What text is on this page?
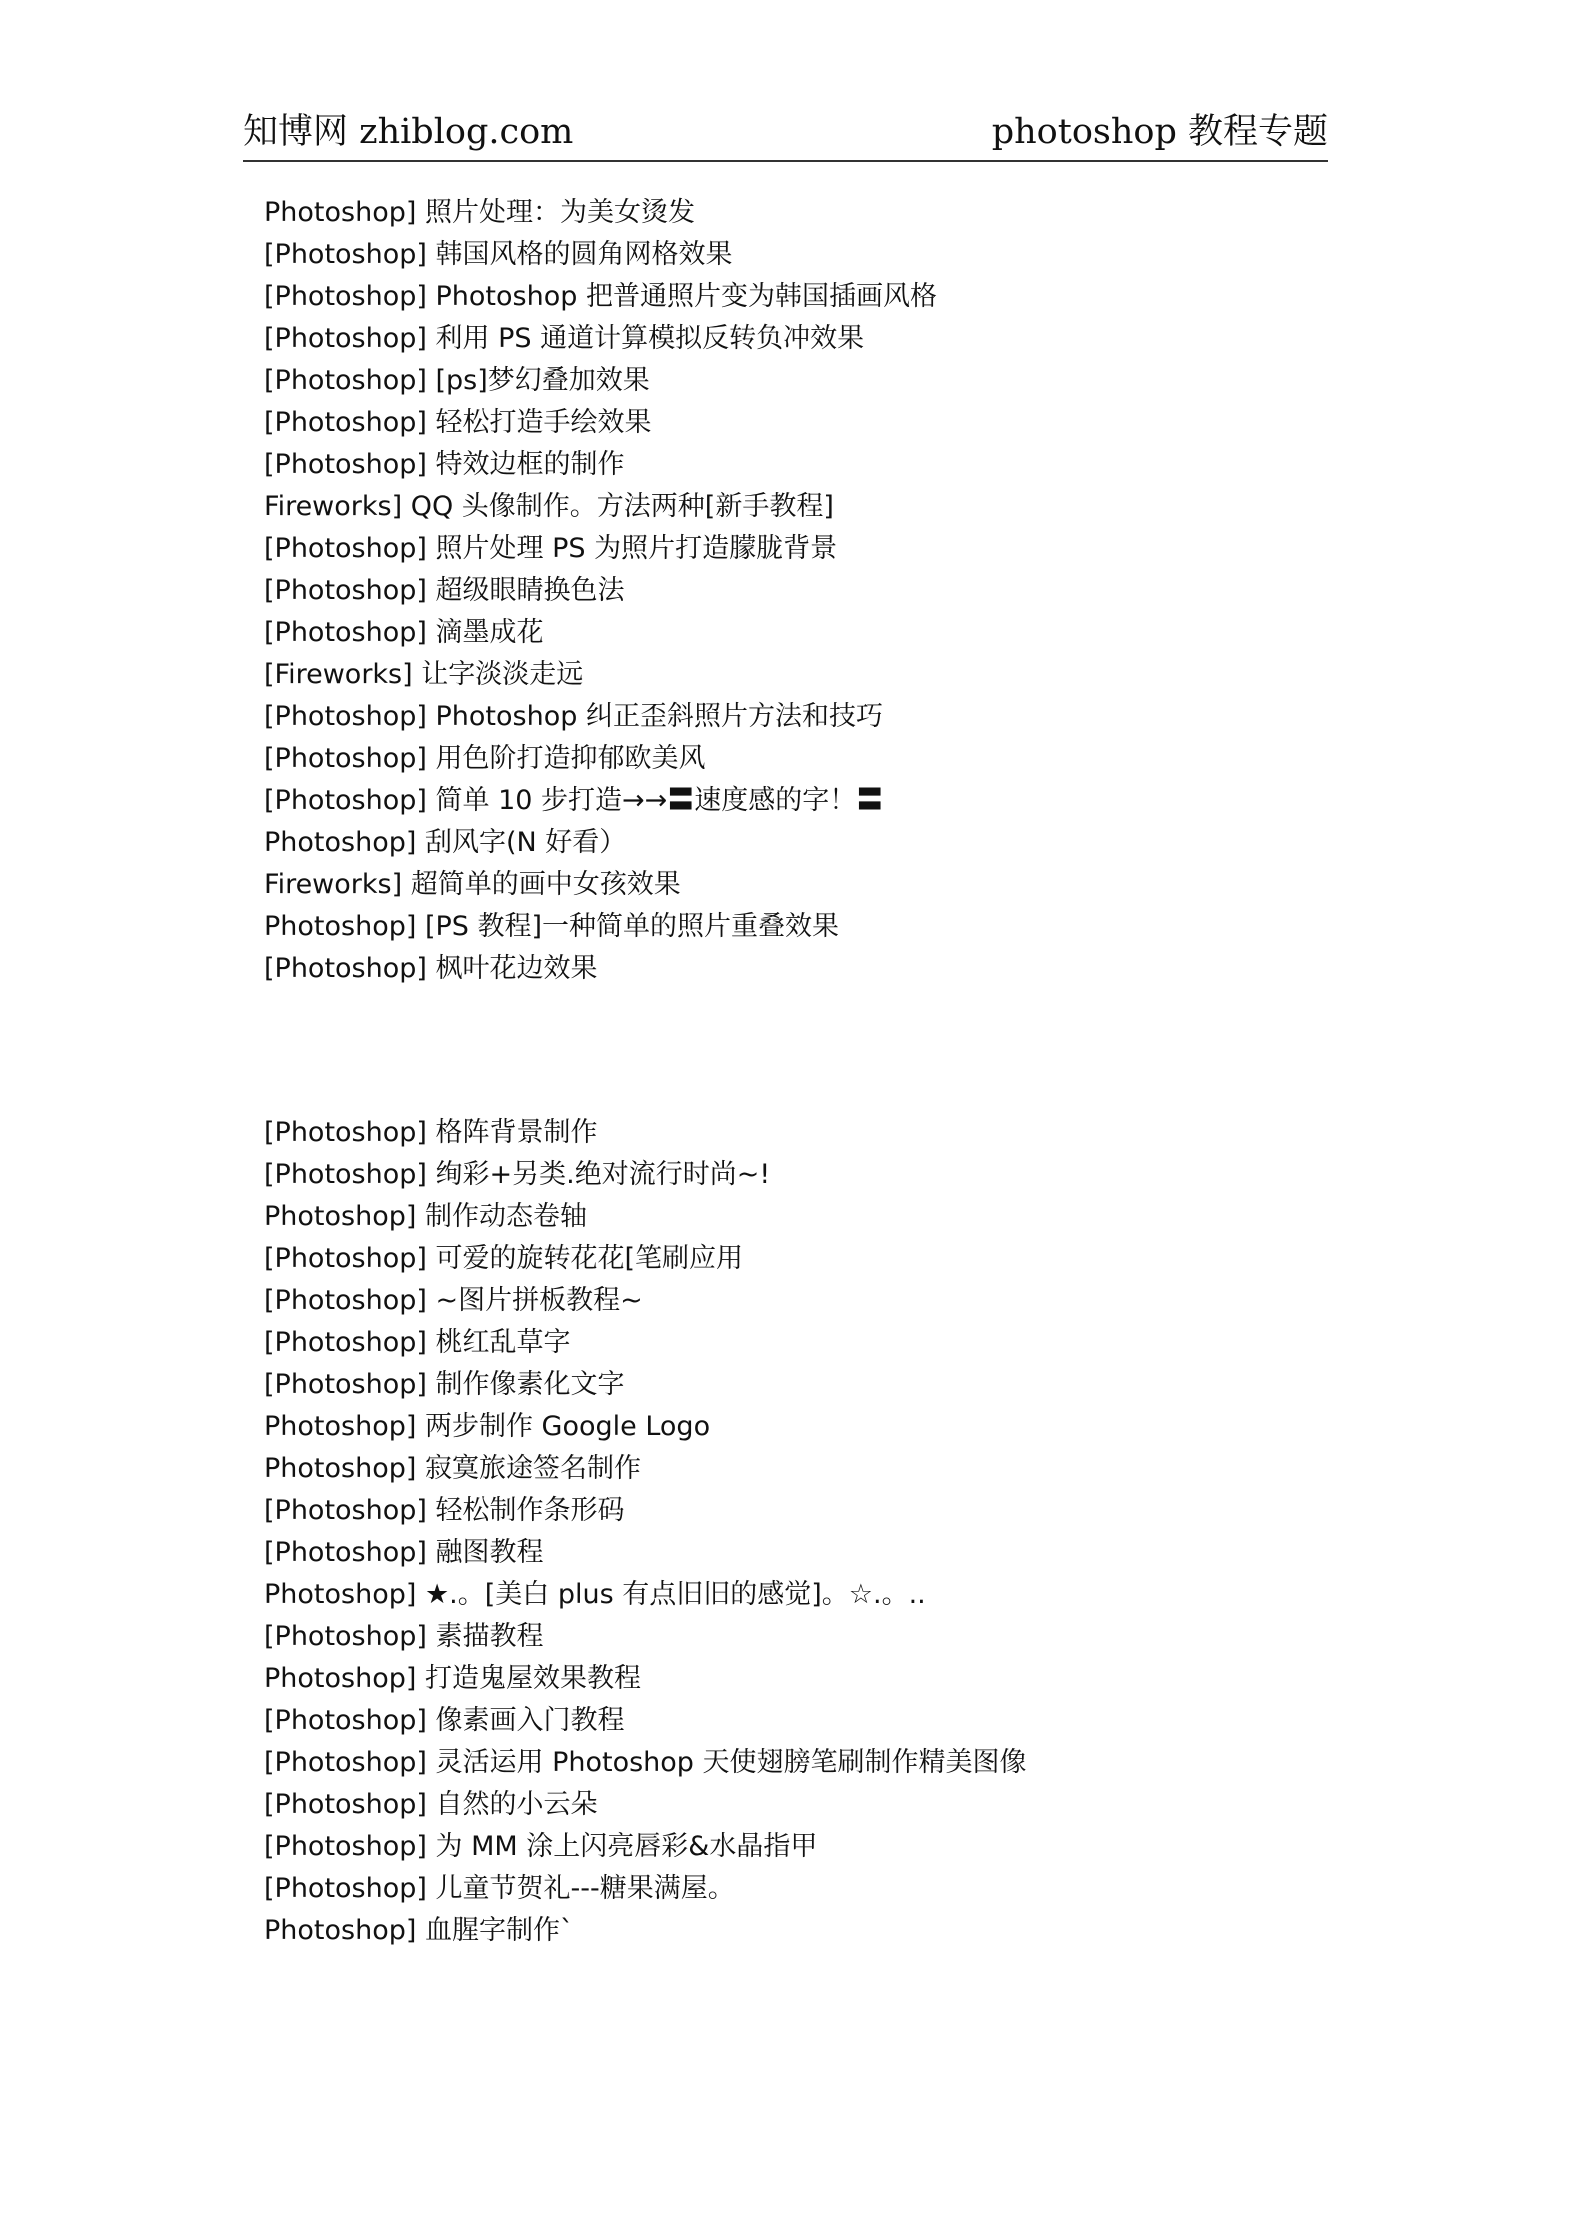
知博网 zhiblog.com	photoshop 教程专题
Photoshop] 照片处理：为美女烫发
[Photoshop] 韩国风格的圆角网格效果
[Photoshop] Photoshop 把普通照片变为韩国插画风格
[Photoshop] 利用 PS 通道计算模拟反转负冲效果
[Photoshop] [ps]梦幻叠加效果
[Photoshop] 轻松打造手绘效果
[Photoshop] 特效边框的制作
Fireworks] QQ 头像制作。方法两种[新手教程]
[Photoshop] 照片处理 PS 为照片打造朦胧背景
[Photoshop] 超级眼睛换色法
[Photoshop] 滴墨成花
[Fireworks] 让字淡淡走远
[Photoshop] Photoshop 纠正歪斜照片方法和技巧
[Photoshop] 用色阶打造抑郁欧美风
[Photoshop] 简单 10 步打造→→〓速度感的字！〓
Photoshop] 刮风字(N 好看）
Fireworks] 超简单的画中女孩效果
Photoshop] [PS 教程]一种简单的照片重叠效果
[Photoshop] 枫叶花边效果
[Photoshop] 格阵背景制作
[Photoshop] 绚彩+另类.绝对流行时尚~!
Photoshop] 制作动态卷轴
[Photoshop] 可爱的旋转花花[笔刷应用
[Photoshop] ~图片拼板教程~
[Photoshop] 桃红乱草字
[Photoshop] 制作像素化文字
Photoshop] 两步制作 Google Logo
Photoshop] 寂寞旅途签名制作
[Photoshop] 轻松制作条形码
[Photoshop] 融图教程
Photoshop] ★.。[美白 plus 有点旧旧的感觉]。☆.。..
[Photoshop] 素描教程
Photoshop] 打造鬼屋效果教程
[Photoshop] 像素画入门教程
[Photoshop] 灵活运用 Photoshop 天使翅膀笔刷制作精美图像
[Photoshop] 自然的小云朵
[Photoshop] 为 MM 涂上闪亮唇彩&水晶指甲
[Photoshop] 儿童节贺礼---糖果满屋。
Photoshop] 血腥字制作`
